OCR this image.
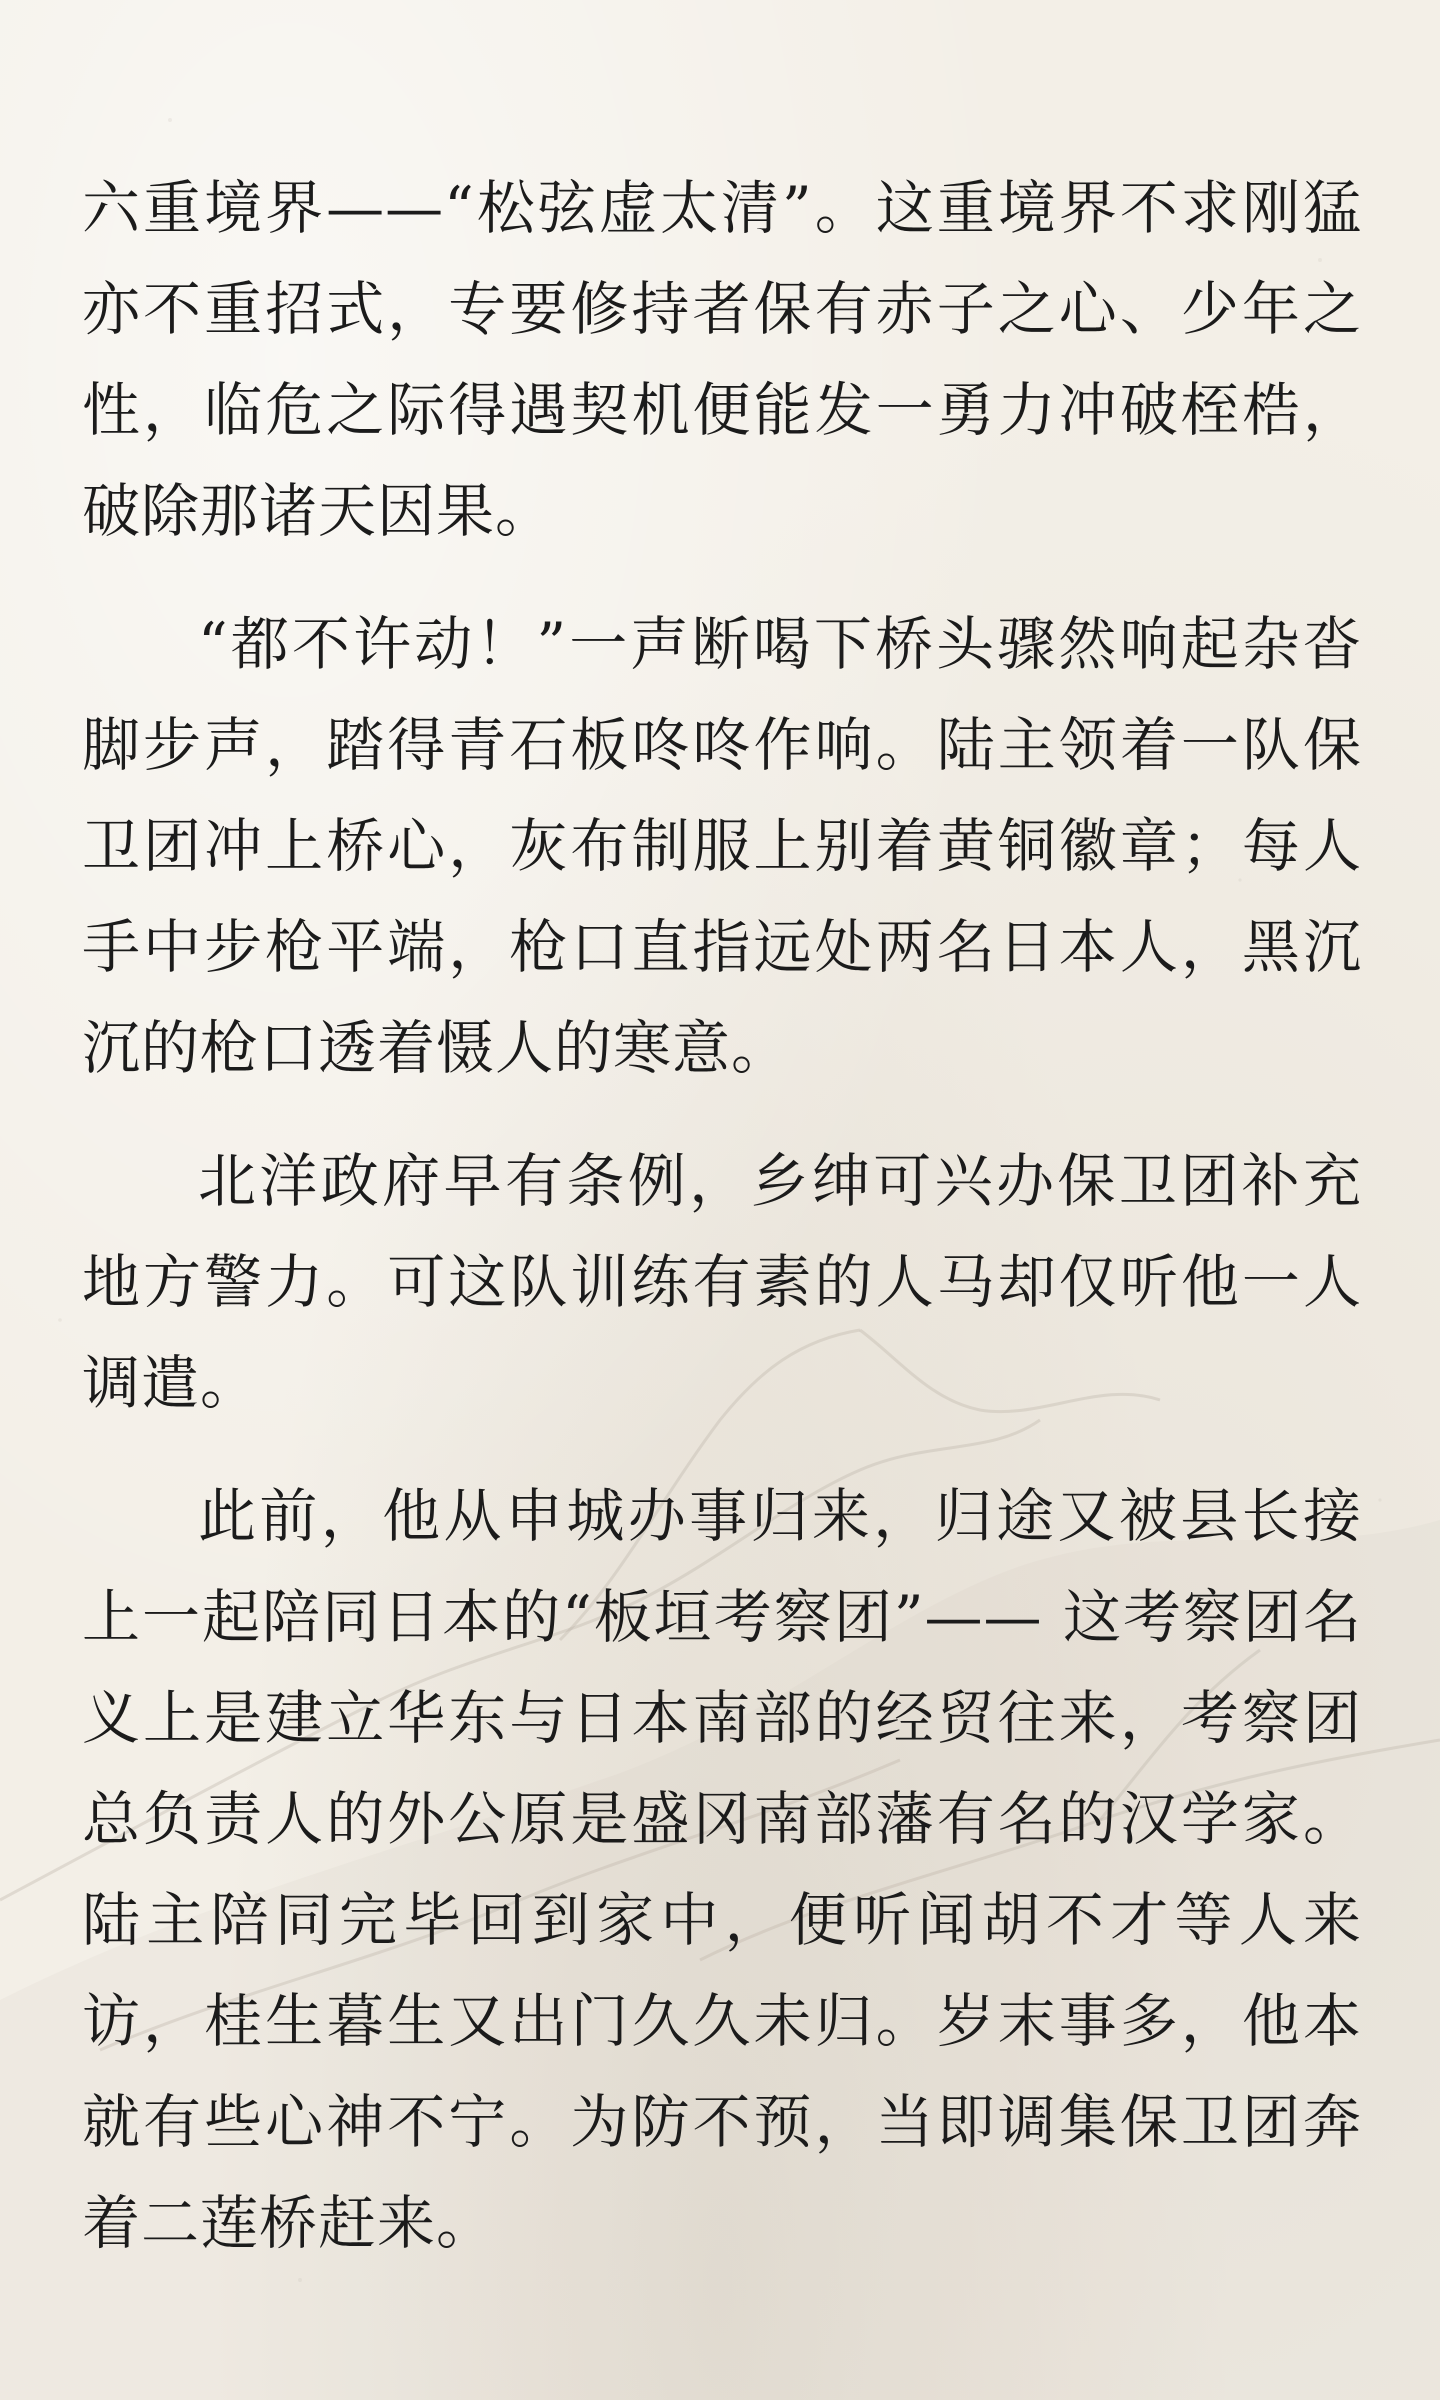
六重境界——“松弦虚太清”。这重境界不求刚猛亦不重招式，专要修持者保有赤子之心、少年之性，临危之际得遇契机便能发一勇力冲破桎梏，破除那诸天因果。

“都不许动！”一声断喝下桥头骤然响起杂沓脚步声，踏得青石板咚咚作响。陆主领着一队保卫团冲上桥心，灰布制服上别着黄铜徽章；每人手中步枪平端，枪口直指远处两名日本人，黑沉沉的枪口透着慑人的寒意。

北洋政府早有条例，乡绅可兴办保卫团补充地方警力。可这队训练有素的人马却仅听他一人调遣。

此前，他从申城办事归来，归途又被县长接上一起陪同日本的“板垣考察团”—— 这考察团名义上是建立华东与日本南部的经贸往来，考察团总负责人的外公原是盛冈南部藩有名的汉学家。陆主陪同完毕回到家中，便听闻胡不才等人来访，桂生暮生又出门久久未归。岁末事多，他本就有些心神不宁。为防不预，当即调集保卫团奔着二莲桥赶来。
